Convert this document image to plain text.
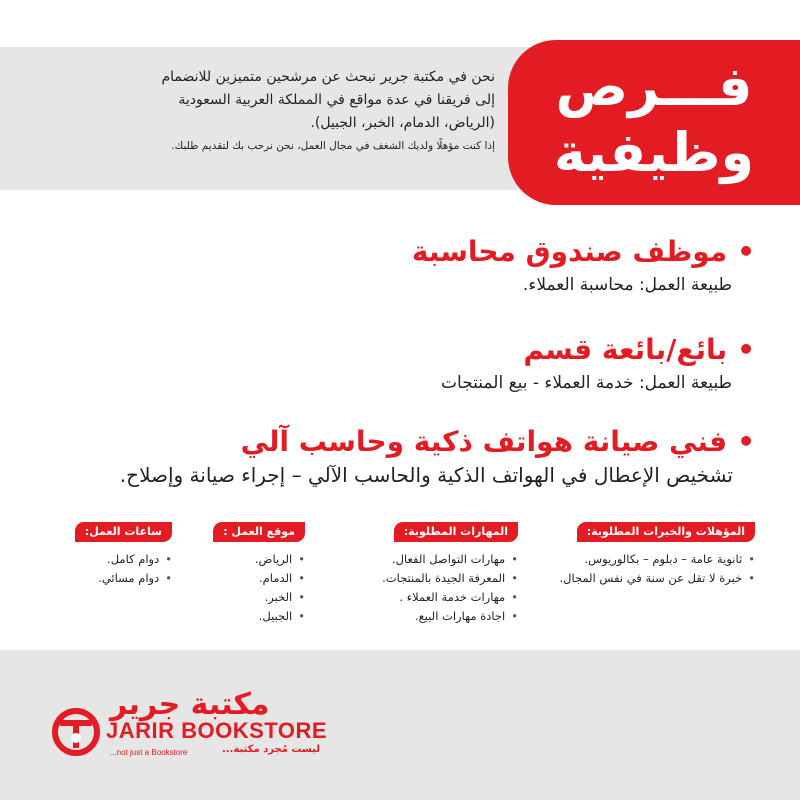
فـــرص
وظيفية
نحن في مكتبة جرير نبحث عن مرشحين متميزين للانضمام
إلى فريقنا في عدة مواقع في المملكة العربية السعودية
(الرياض، الدمام، الخبر، الجبيل).
إذا كنت مؤهلًا ولديك الشغف في مجال العمل، نحن نرحب بك لتقديم طلبك.
•موظف صندوق محاسبة
طبيعة العمل: محاسبة العملاء.
•بائع/بائعة قسم
طبيعة العمل: خدمة العملاء - بيع المنتجات
•فني صيانة هواتف ذكية وحاسب آلي
تشخيص الإعطال في الهواتف الذكية والحاسب الآلي – إجراء صيانة وإصلاح.
المؤهلات والخبرات المطلوبة:
• ثانوية عامة – دبلوم – بكالوريوس.
• خبرة لا تقل عن سنة في نفس المجال.
المهارات المطلوبة:
• مهارات التواصل الفعال.
• المعرفة الجيدة بالمنتجات.
• مهارات خدمة العملاء .
• اجادة مهارات البيع.
موقع العمل :
• الرياض.
• الدمام.
• الخبر.
• الجبيل.
ساعات العمل:
• دوام كامل.
• دوام مسائي.
مكتبة جرير
JARIR BOOKSTORE
...not just a Bookstore	ليست مُجرد مكتبة...
